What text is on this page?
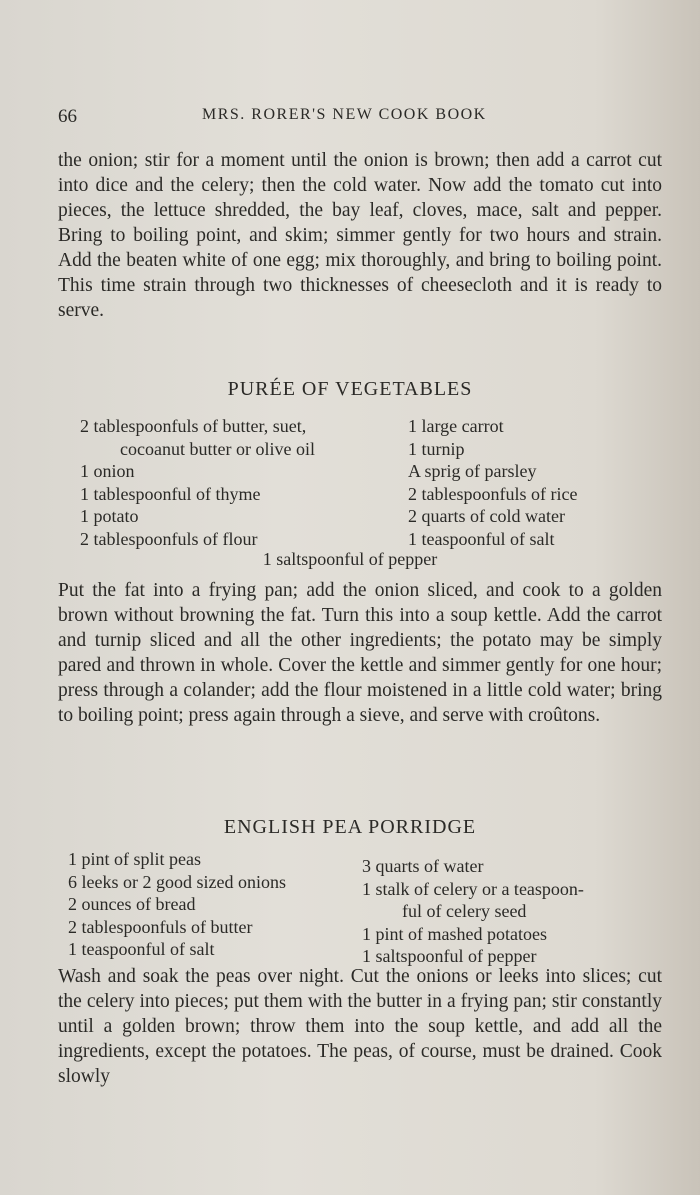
66	MRS. RORER'S NEW COOK BOOK

the onion; stir for a moment until the onion is brown; then add a carrot cut into dice and the celery; then the cold water. Now add the tomato cut into pieces, the lettuce shredded, the bay leaf, cloves, mace, salt and pepper. Bring to boiling point, and skim; simmer gently for two hours and strain. Add the beaten white of one egg; mix thoroughly, and bring to boiling point. This time strain through two thicknesses of cheesecloth and it is ready to serve.

PURÉE OF VEGETABLES
2 tablespoonfuls of butter, suet,
cocoanut butter or olive oil
1 onion
1 tablespoonful of thyme
1 potato
2 tablespoonfuls of flour
1 large carrot
1 turnip
A sprig of parsley
2 tablespoonfuls of rice
2 quarts of cold water
1 teaspoonful of salt
1 saltspoonful of pepper

Put the fat into a frying pan; add the onion sliced, and cook to a golden brown without browning the fat. Turn this into a soup kettle. Add the carrot and turnip sliced and all the other ingredients; the potato may be simply pared and thrown in whole. Cover the kettle and simmer gently for one hour; press through a colander; add the flour moistened in a little cold water; bring to boiling point; press again through a sieve, and serve with croûtons.

ENGLISH PEA PORRIDGE
1 pint of split peas
6 leeks or 2 good sized onions
2 ounces of bread
2 tablespoonfuls of butter
1 teaspoonful of salt
3 quarts of water
1 stalk of celery or a teaspoon-
ful of celery seed
1 pint of mashed potatoes
1 saltspoonful of pepper

Wash and soak the peas over night. Cut the onions or leeks into slices; cut the celery into pieces; put them with the butter in a frying pan; stir constantly until a golden brown; throw them into the soup kettle, and add all the ingredients, except the potatoes. The peas, of course, must be drained. Cook slowly
